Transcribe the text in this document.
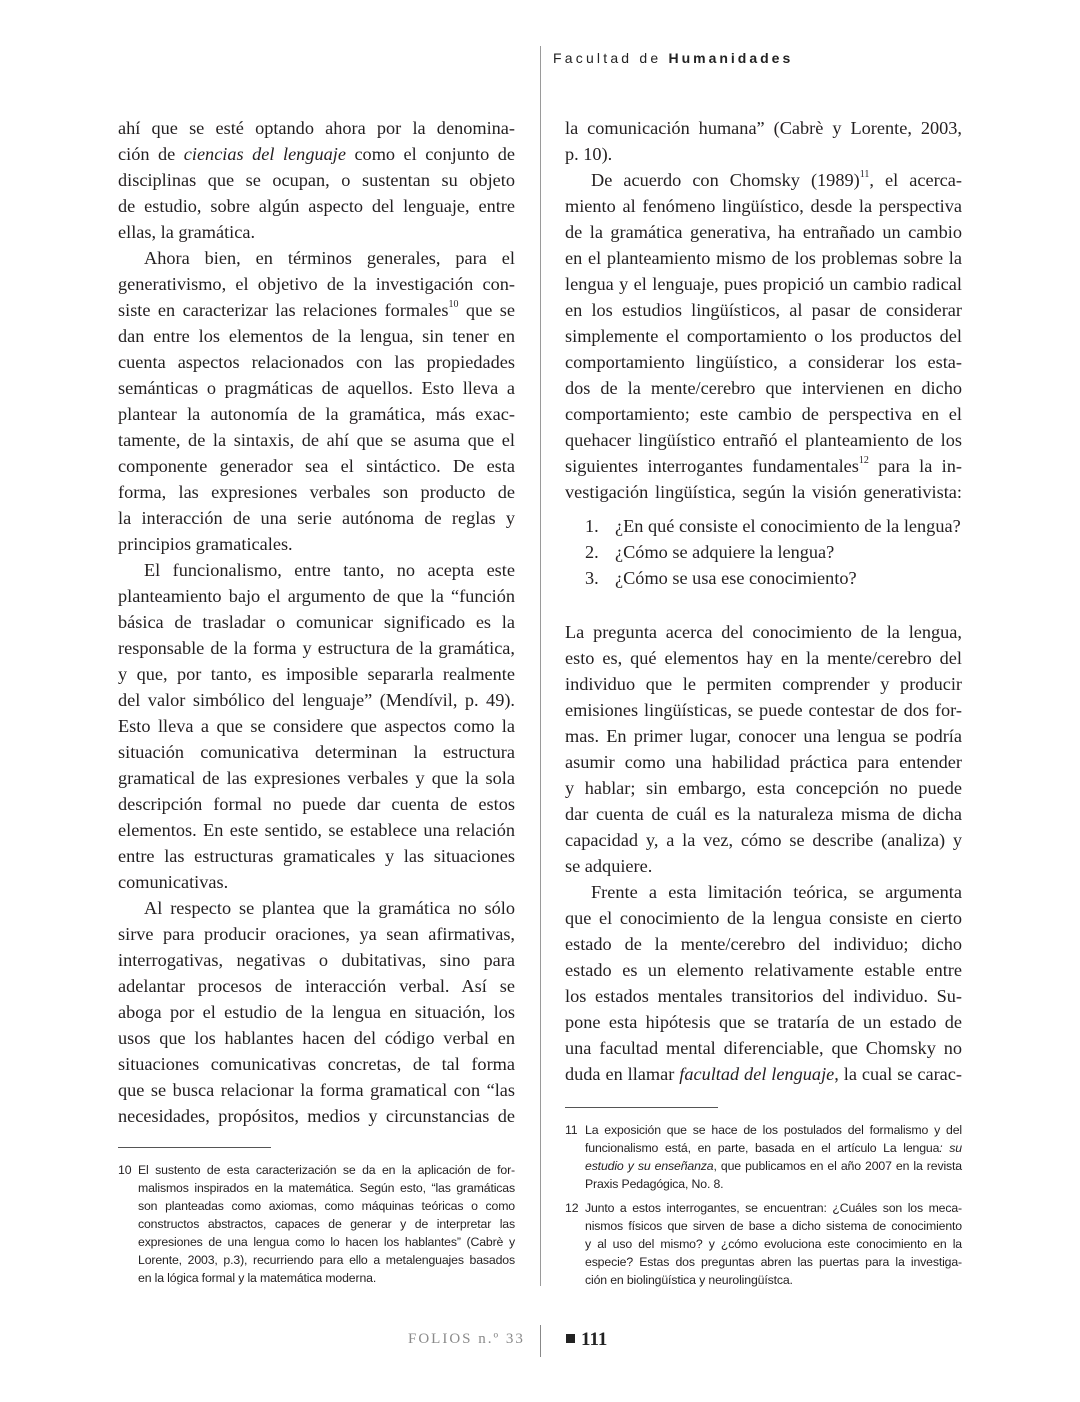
Facultad de Humanidades
ahí que se esté optando ahora por la denomina-
ción de ciencias del lenguaje como el conjunto de
disciplinas que se ocupan, o sustentan su objeto
de estudio, sobre algún aspecto del lenguaje, entre
ellas, la gramática.
Ahora bien, en términos generales, para el
generativismo, el objetivo de la investigación con-
siste en caracterizar las relaciones formales$^{10}$ que se
dan entre los elementos de la lengua, sin tener en
cuenta aspectos relacionados con las propiedades
semánticas o pragmáticas de aquellos. Esto lleva a
plantear la autonomía de la gramática, más exac-
tamente, de la sintaxis, de ahí que se asuma que el
componente generador sea el sintáctico. De esta
forma, las expresiones verbales son producto de
la interacción de una serie autónoma de reglas y
principios gramaticales.
El funcionalismo, entre tanto, no acepta este
planteamiento bajo el argumento de que la “función
básica de trasladar o comunicar significado es la
responsable de la forma y estructura de la gramática,
y que, por tanto, es imposible separarla realmente
del valor simbólico del lenguaje” (Mendívil, p. 49).
Esto lleva a que se considere que aspectos como la
situación comunicativa determinan la estructura
gramatical de las expresiones verbales y que la sola
descripción formal no puede dar cuenta de estos
elementos. En este sentido, se establece una relación
entre las estructuras gramaticales y las situaciones
comunicativas.
Al respecto se plantea que la gramática no sólo
sirve para producir oraciones, ya sean afirmativas,
interrogativas, negativas o dubitativas, sino para
adelantar procesos de interacción verbal. Así se
aboga por el estudio de la lengua en situación, los
usos que los hablantes hacen del código verbal en
situaciones comunicativas concretas, de tal forma
que se busca relacionar la forma gramatical con “las
necesidades, propósitos, medios y circunstancias de
la comunicación humana” (Cabrè y Lorente, 2003,
p. 10).
De acuerdo con Chomsky $(1989)^{11}$, el acerca-
miento al fenómeno lingüístico, desde la perspectiva
de la gramática generativa, ha entrañado un cambio
en el planteamiento mismo de los problemas sobre la
lengua y el lenguaje, pues propició un cambio radical
en los estudios lingüísticos, al pasar de considerar
simplemente el comportamiento o los productos del
comportamiento lingüístico, a considerar los esta-
dos de la mente/cerebro que intervienen en dicho
comportamiento; este cambio de perspectiva en el
quehacer lingüístico entrañó el planteamiento de los
siguientes interrogantes fundamentales$^{12}$ para la in-
vestigación lingüística, según la visión generativista:
1. ¿En qué consiste el conocimiento de la lengua?
2. ¿Cómo se adquiere la lengua?
3. ¿Cómo se usa ese conocimiento?
La pregunta acerca del conocimiento de la lengua,
esto es, qué elementos hay en la mente/cerebro del
individuo que le permiten comprender y producir
emisiones lingüísticas, se puede contestar de dos for-
mas. En primer lugar, conocer una lengua se podría
asumir como una habilidad práctica para entender
y hablar; sin embargo, esta concepción no puede
dar cuenta de cuál es la naturaleza misma de dicha
capacidad y, a la vez, cómo se describe (analiza) y
se adquiere.
Frente a esta limitación teórica, se argumenta
que el conocimiento de la lengua consiste en cierto
estado de la mente/cerebro del individuo; dicho
estado es un elemento relativamente estable entre
los estados mentales transitorios del individuo. Su-
pone esta hipótesis que se trataría de un estado de
una facultad mental diferenciable, que Chomsky no
duda en llamar facultad del lenguaje, la cual se carac-
10 El sustento de esta caracterización se da en la aplicación de for-
malismos inspirados en la matemática. Según esto, “las gramáticas
son planteadas como axiomas, como máquinas teóricas o como
constructos abstractos, capaces de generar y de interpretar las
expresiones de una lengua como lo hacen los hablantes” (Cabrè y
Lorente, 2003, p.3), recurriendo para ello a metalenguajes basados
en la lógica formal y la matemática moderna.
11 La exposición que se hace de los postulados del formalismo y del
funcionalismo está, en parte, basada en el artículo La lengua: su
estudio y su enseñanza, que publicamos en el año 2007 en la revista
Praxis Pedagógica, No. 8.
12 Junto a estos interrogantes, se encuentran: ¿Cuáles son los meca-
nismos físicos que sirven de base a dicho sistema de conocimiento
y al uso del mismo? y ¿cómo evoluciona este conocimiento en la
especie? Estas dos preguntas abren las puertas para la investiga-
ción en biolingüística y neurolingüístca.
FOLIOS n.º 33	111
